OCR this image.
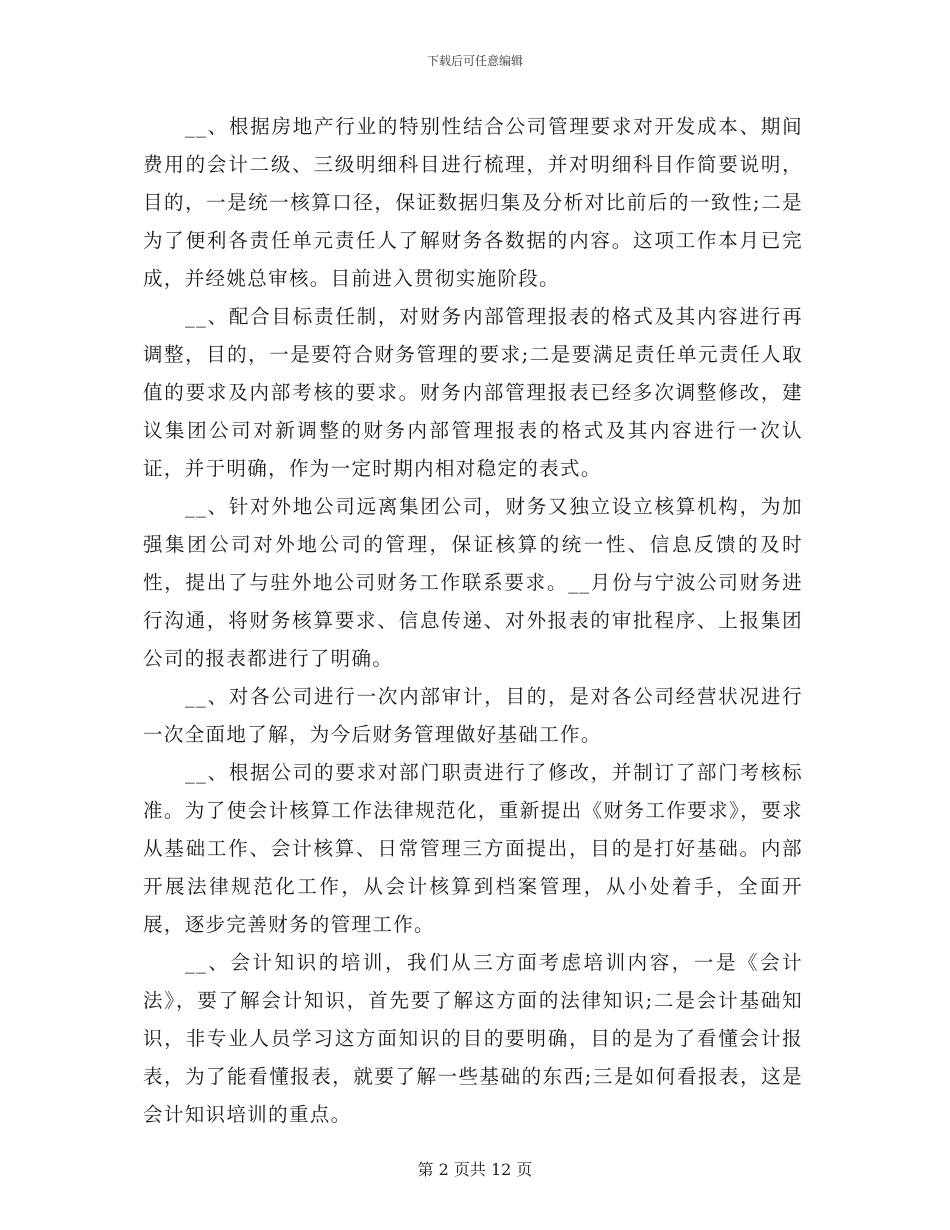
下载后可任意编辑

__、根据房地产行业的特别性结合公司管理要求对开发成本、期间费用的会计二级、三级明细科目进行梳理，并对明细科目作简要说明，目的，一是统一核算口径，保证数据归集及分析对比前后的一致性;二是为了便利各责任单元责任人了解财务各数据的内容。这项工作本月已完成，并经姚总审核。目前进入贯彻实施阶段。

__、配合目标责任制，对财务内部管理报表的格式及其内容进行再调整，目的，一是要符合财务管理的要求;二是要满足责任单元责任人取值的要求及内部考核的要求。财务内部管理报表已经多次调整修改，建议集团公司对新调整的财务内部管理报表的格式及其内容进行一次认证，并于明确，作为一定时期内相对稳定的表式。

__、针对外地公司远离集团公司，财务又独立设立核算机构，为加强集团公司对外地公司的管理，保证核算的统一性、信息反馈的及时性，提出了与驻外地公司财务工作联系要求。__月份与宁波公司财务进行沟通，将财务核算要求、信息传递、对外报表的审批程序、上报集团公司的报表都进行了明确。

__、对各公司进行一次内部审计，目的，是对各公司经营状况进行一次全面地了解，为今后财务管理做好基础工作。

__、根据公司的要求对部门职责进行了修改，并制订了部门考核标准。为了使会计核算工作法律规范化，重新提出《财务工作要求》，要求从基础工作、会计核算、日常管理三方面提出，目的是打好基础。内部开展法律规范化工作，从会计核算到档案管理，从小处着手，全面开展，逐步完善财务的管理工作。

__、会计知识的培训，我们从三方面考虑培训内容，一是《会计法》，要了解会计知识，首先要了解这方面的法律知识;二是会计基础知识，非专业人员学习这方面知识的目的要明确，目的是为了看懂会计报表，为了能看懂报表，就要了解一些基础的东西;三是如何看报表，这是会计知识培训的重点。

第 2 页共 12 页
